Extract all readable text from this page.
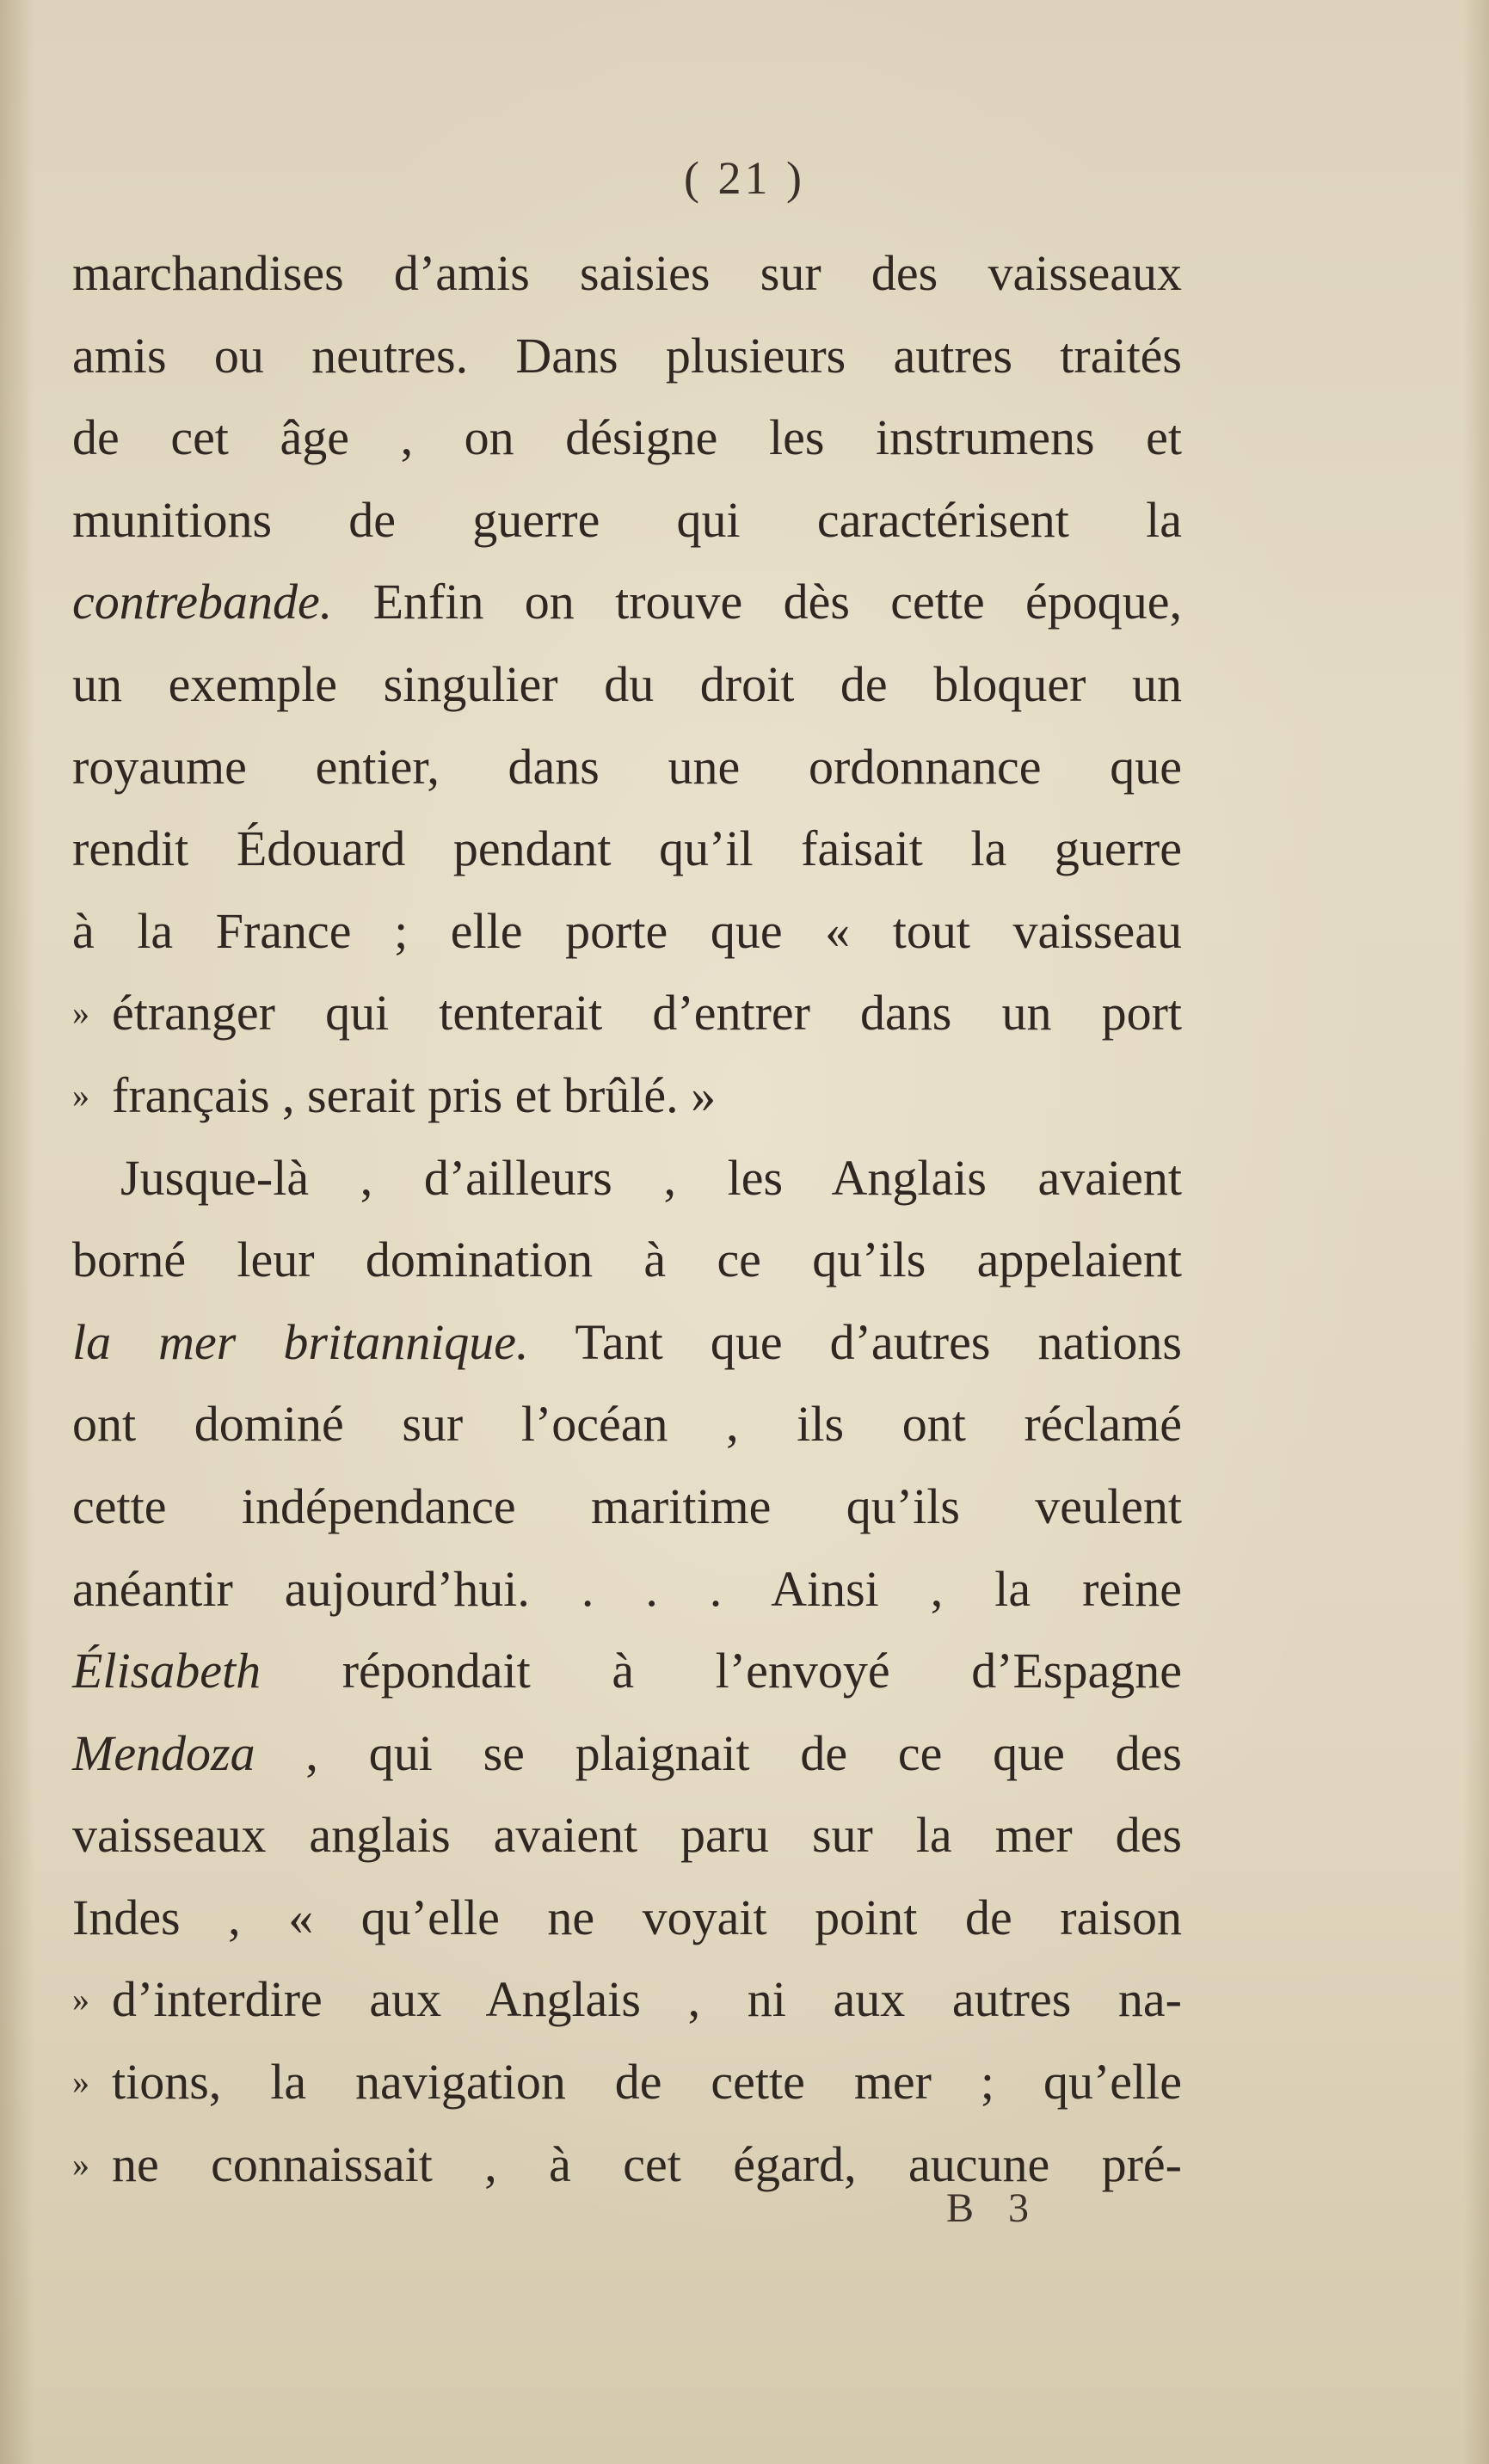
( 21 )
marchandises d’amis saisies sur des vaisseaux
amis ou neutres. Dans plusieurs autres traités
de cet âge , on désigne les instrumens et
munitions de guerre qui caractérisent la
contrebande. Enfin on trouve dès cette époque,
un exemple singulier du droit de bloquer un
royaume entier, dans une ordonnance que
rendit Édouard pendant qu’il faisait la guerre
à la France ; elle porte que « tout vaisseau
» étranger qui tenterait d’entrer dans un port
» français , serait pris et brûlé. »
Jusque-là , d’ailleurs , les Anglais avaient
borné leur domination à ce qu’ils appelaient
la mer britannique. Tant que d’autres nations
ont dominé sur l’océan , ils ont réclamé
cette indépendance maritime qu’ils veulent
anéantir aujourd’hui. . . . Ainsi , la reine
Élisabeth répondait à l’envoyé d’Espagne
Mendoza , qui se plaignait de ce que des
vaisseaux anglais avaient paru sur la mer des
Indes , « qu’elle ne voyait point de raison
» d’interdire aux Anglais , ni aux autres na-
» tions, la navigation de cette mer ; qu’elle
» ne connaissait , à cet égard, aucune pré-
B 3
